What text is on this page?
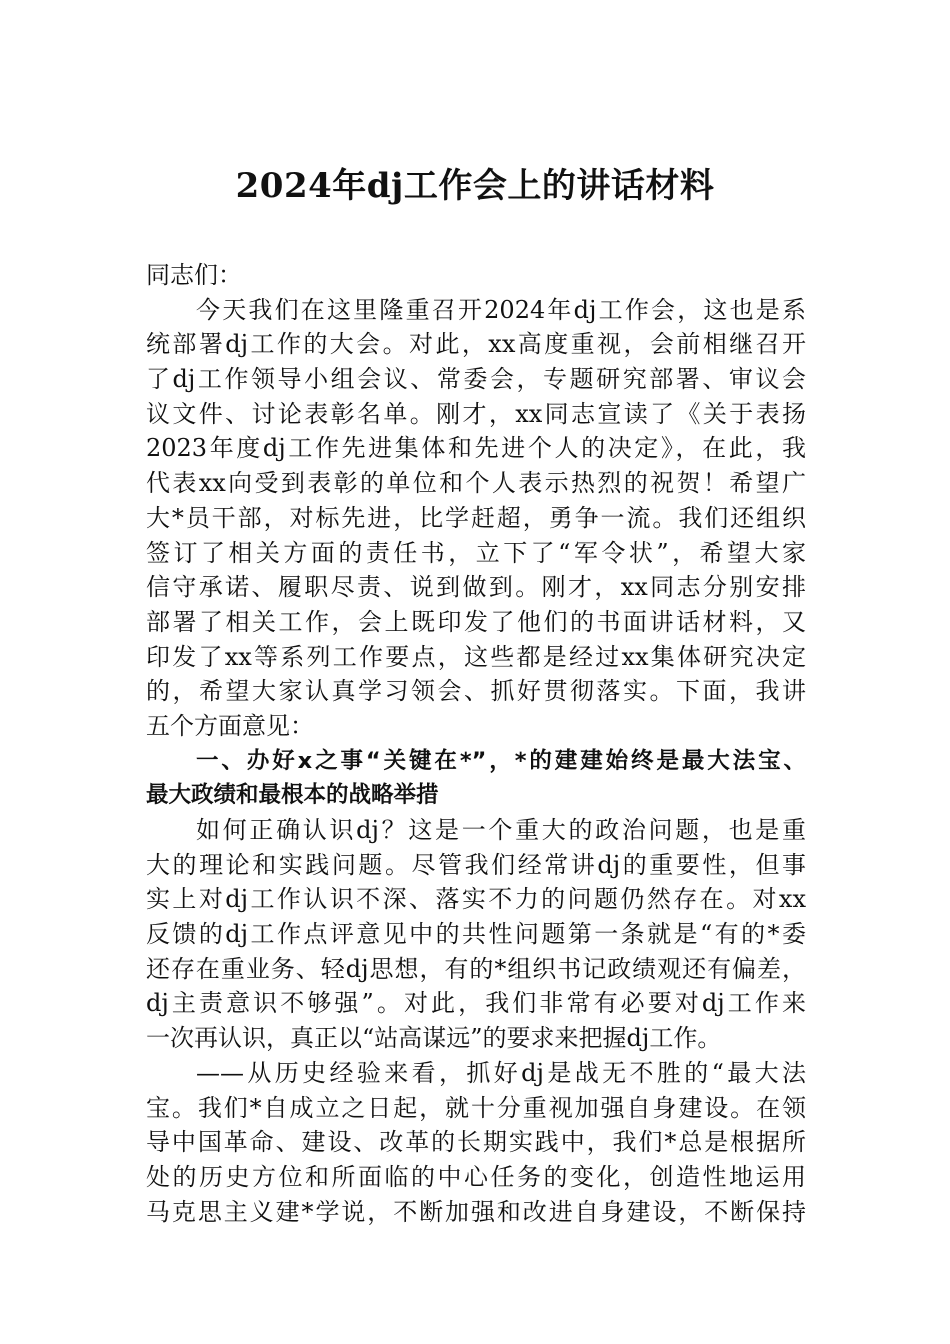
2024年dj工作会上的讲话材料
同志们：
今天我们在这里隆重召开2024年dj工作会，这也是系
统部署dj工作的大会。对此，xx高度重视，会前相继召开
了dj工作领导小组会议、常委会，专题研究部署、审议会
议文件、讨论表彰名单。刚才，xx同志宣读了《关于表扬
2023年度dj工作先进集体和先进个人的决定》，在此，我
代表xx向受到表彰的单位和个人表示热烈的祝贺！希望广
大*员干部，对标先进，比学赶超，勇争一流。我们还组织
签订了相关方面的责任书，立下了“军令状”，希望大家
信守承诺、履职尽责、说到做到。刚才，xx同志分别安排
部署了相关工作，会上既印发了他们的书面讲话材料，又
印发了xx等系列工作要点，这些都是经过xx集体研究决定
的，希望大家认真学习领会、抓好贯彻落实。下面，我讲
五个方面意见：
一、办好x之事“关键在*”，*的建建始终是最大法宝、
最大政绩和最根本的战略举措
如何正确认识dj？这是一个重大的政治问题，也是重
大的理论和实践问题。尽管我们经常讲dj的重要性，但事
实上对dj工作认识不深、落实不力的问题仍然存在。对xx
反馈的dj工作点评意见中的共性问题第一条就是“有的*委
还存在重业务、轻dj思想，有的*组织书记政绩观还有偏差，
dj主责意识不够强”。对此，我们非常有必要对dj工作来
一次再认识，真正以“站高谋远”的要求来把握dj工作。
——从历史经验来看，抓好dj是战无不胜的“最大法
宝。我们*自成立之日起，就十分重视加强自身建设。在领
导中国革命、建设、改革的长期实践中，我们*总是根据所
处的历史方位和所面临的中心任务的变化，创造性地运用
马克思主义建*学说，不断加强和改进自身建设，不断保持
